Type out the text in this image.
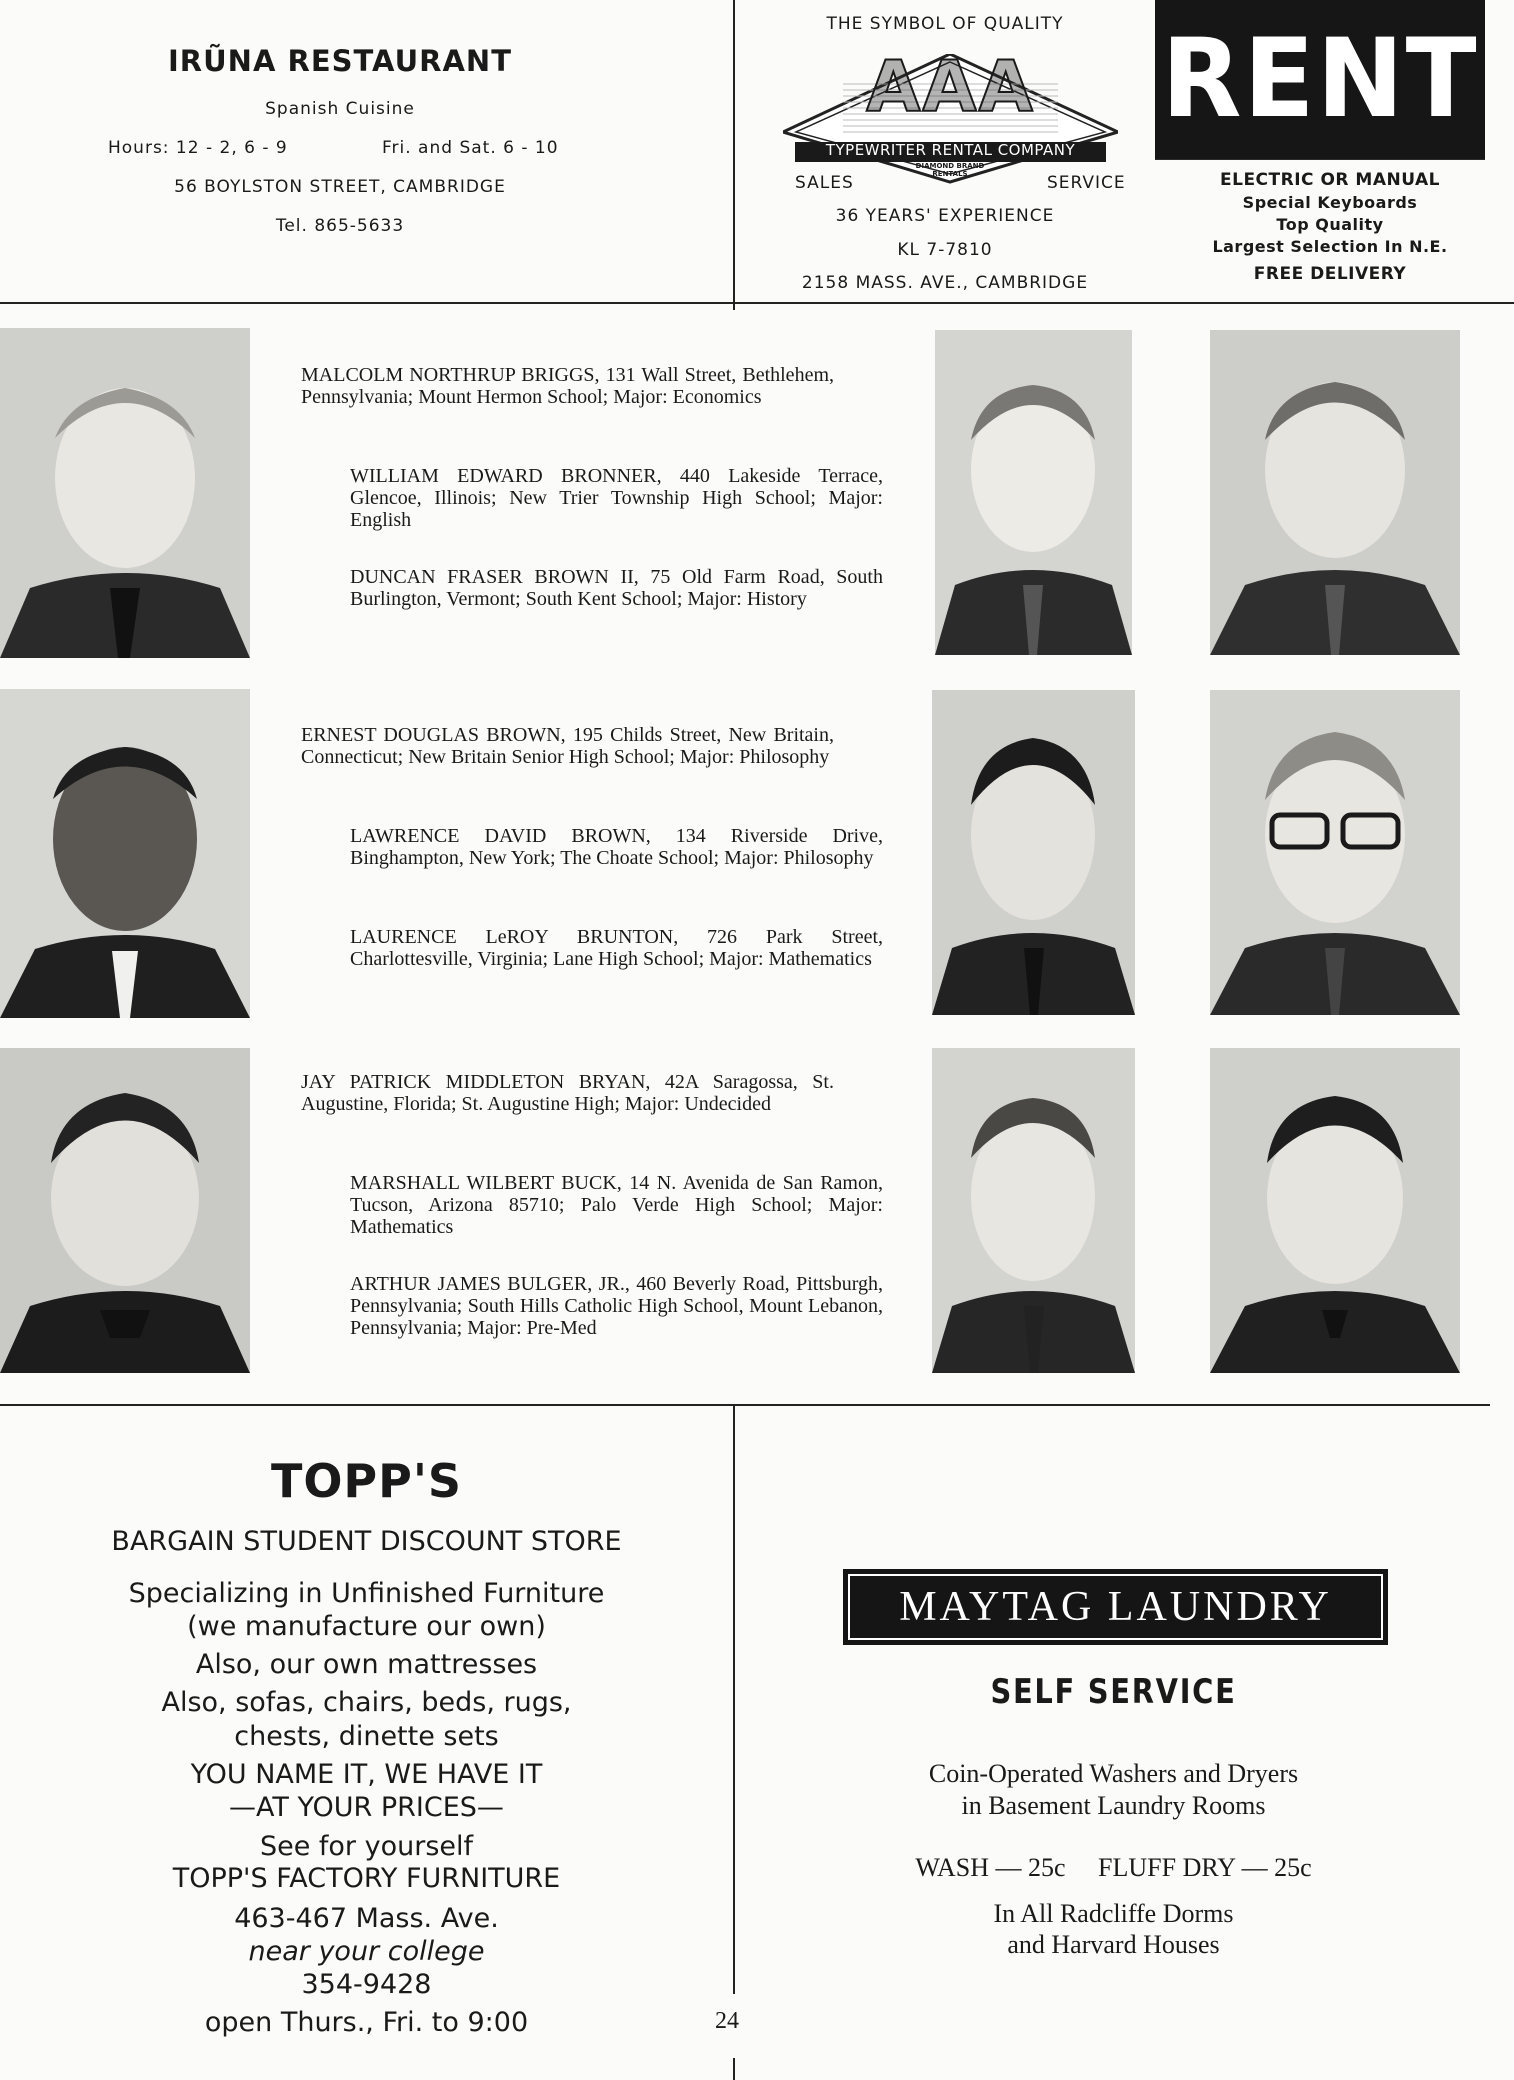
IRŨNA RESTAURANT
Spanish Cuisine
Hours: 12 - 2, 6 - 9	Fri. and Sat. 6 - 10
56 BOYLSTON STREET, CAMBRIDGE
Tel. 865-5633
THE SYMBOL OF QUALITY
AAA
TYPEWRITER RENTAL COMPANY
DIAMOND BRAND RENTALS
SALES	SERVICE
36 YEARS' EXPERIENCE
KL 7-7810
2158 MASS. AVE., CAMBRIDGE
RENT
ELECTRIC OR MANUAL
Special Keyboards
Top Quality
Largest Selection In N.E.
FREE DELIVERY
MALCOLM NORTHRUP BRIGGS, 131 Wall Street, Bethlehem, Pennsylvania; Mount Hermon School; Major: Economics
WILLIAM EDWARD BRONNER, 440 Lakeside Terrace, Glencoe, Illinois; New Trier Township High School; Major: English
DUNCAN FRASER BROWN II, 75 Old Farm Road, South Burlington, Vermont; South Kent School; Major: History
ERNEST DOUGLAS BROWN, 195 Childs Street, New Britain, Connecticut; New Britain Senior High School; Major: Philosophy
LAWRENCE DAVID BROWN, 134 Riverside Drive, Binghampton, New York; The Choate School; Major: Philosophy
LAURENCE LeROY BRUNTON, 726 Park Street, Charlottesville, Virginia; Lane High School; Major: Mathematics
JAY PATRICK MIDDLETON BRYAN, 42A Saragossa, St. Augustine, Florida; St. Augustine High; Major: Undecided
MARSHALL WILBERT BUCK, 14 N. Avenida de San Ramon, Tucson, Arizona 85710; Palo Verde High School; Major: Mathematics
ARTHUR JAMES BULGER, JR., 460 Beverly Road, Pittsburgh, Pennsylvania; South Hills Catholic High School, Mount Lebanon, Pennsylvania; Major: Pre-Med
TOPP'S
BARGAIN STUDENT DISCOUNT STORE
Specializing in Unfinished Furniture
(we manufacture our own)
Also, our own mattresses
Also, sofas, chairs, beds, rugs,
chests, dinette sets
YOU NAME IT, WE HAVE IT
—AT YOUR PRICES—
See for yourself
TOPP'S FACTORY FURNITURE
463-467 Mass. Ave.
near your college
354-9428
open Thurs., Fri. to 9:00
MAYTAG LAUNDRY
SELF SERVICE
Coin-Operated Washers and Dryers
in Basement Laundry Rooms
WASH — 25c     FLUFF DRY — 25c
In All Radcliffe Dorms
and Harvard Houses
24
